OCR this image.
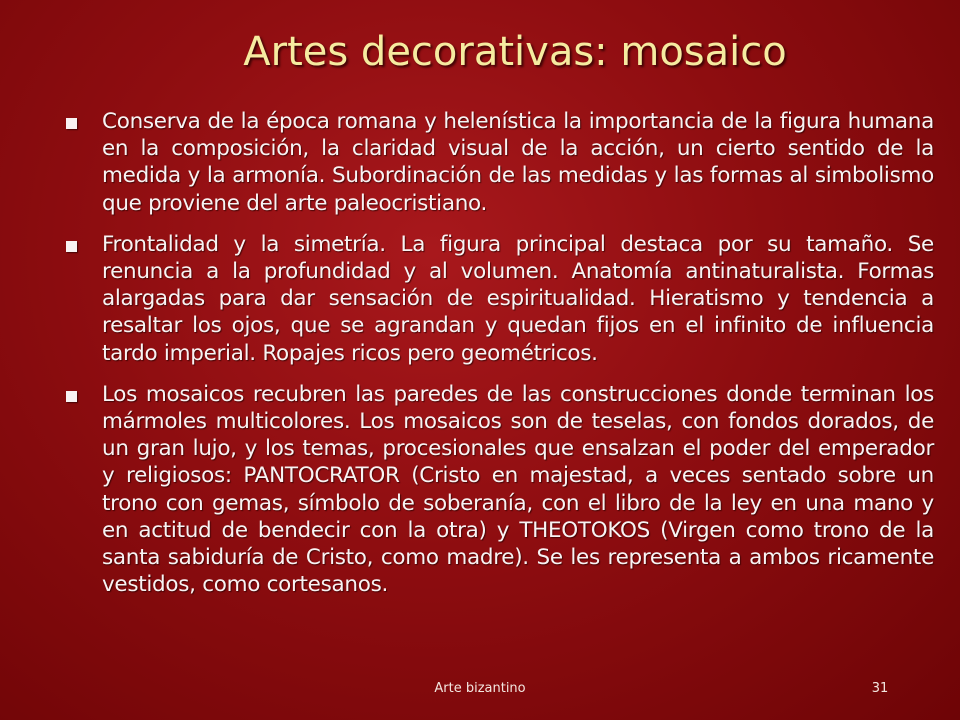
Artes decorativas: mosaico
Conserva de la época romana y helenística la importancia de la figura humana en la composición, la claridad visual de la acción, un cierto sentido de la medida y la armonía. Subordinación de las medidas y las formas al simbolismo que proviene del arte paleocristiano.
Frontalidad y la simetría. La figura principal destaca por su tamaño. Se renuncia a la profundidad y al volumen. Anatomía antinaturalista. Formas alargadas para dar sensación de espiritualidad. Hieratismo y tendencia a resaltar los ojos, que se agrandan y quedan fijos en el infinito de influencia tardo imperial. Ropajes ricos pero geométricos.
Los mosaicos recubren las paredes de las construcciones donde terminan los mármoles multicolores. Los mosaicos son de teselas, con fondos dorados, de un gran lujo, y los temas, procesionales que ensalzan el poder del emperador y religiosos: PANTOCRATOR (Cristo en majestad, a veces sentado sobre un trono con gemas, símbolo de soberanía, con el libro de la ley en una mano y en actitud de bendecir con la otra) y THEOTOKOS (Virgen como trono de la santa sabiduría de Cristo, como madre). Se les representa a ambos ricamente vestidos, como cortesanos.
Arte bizantino	31
